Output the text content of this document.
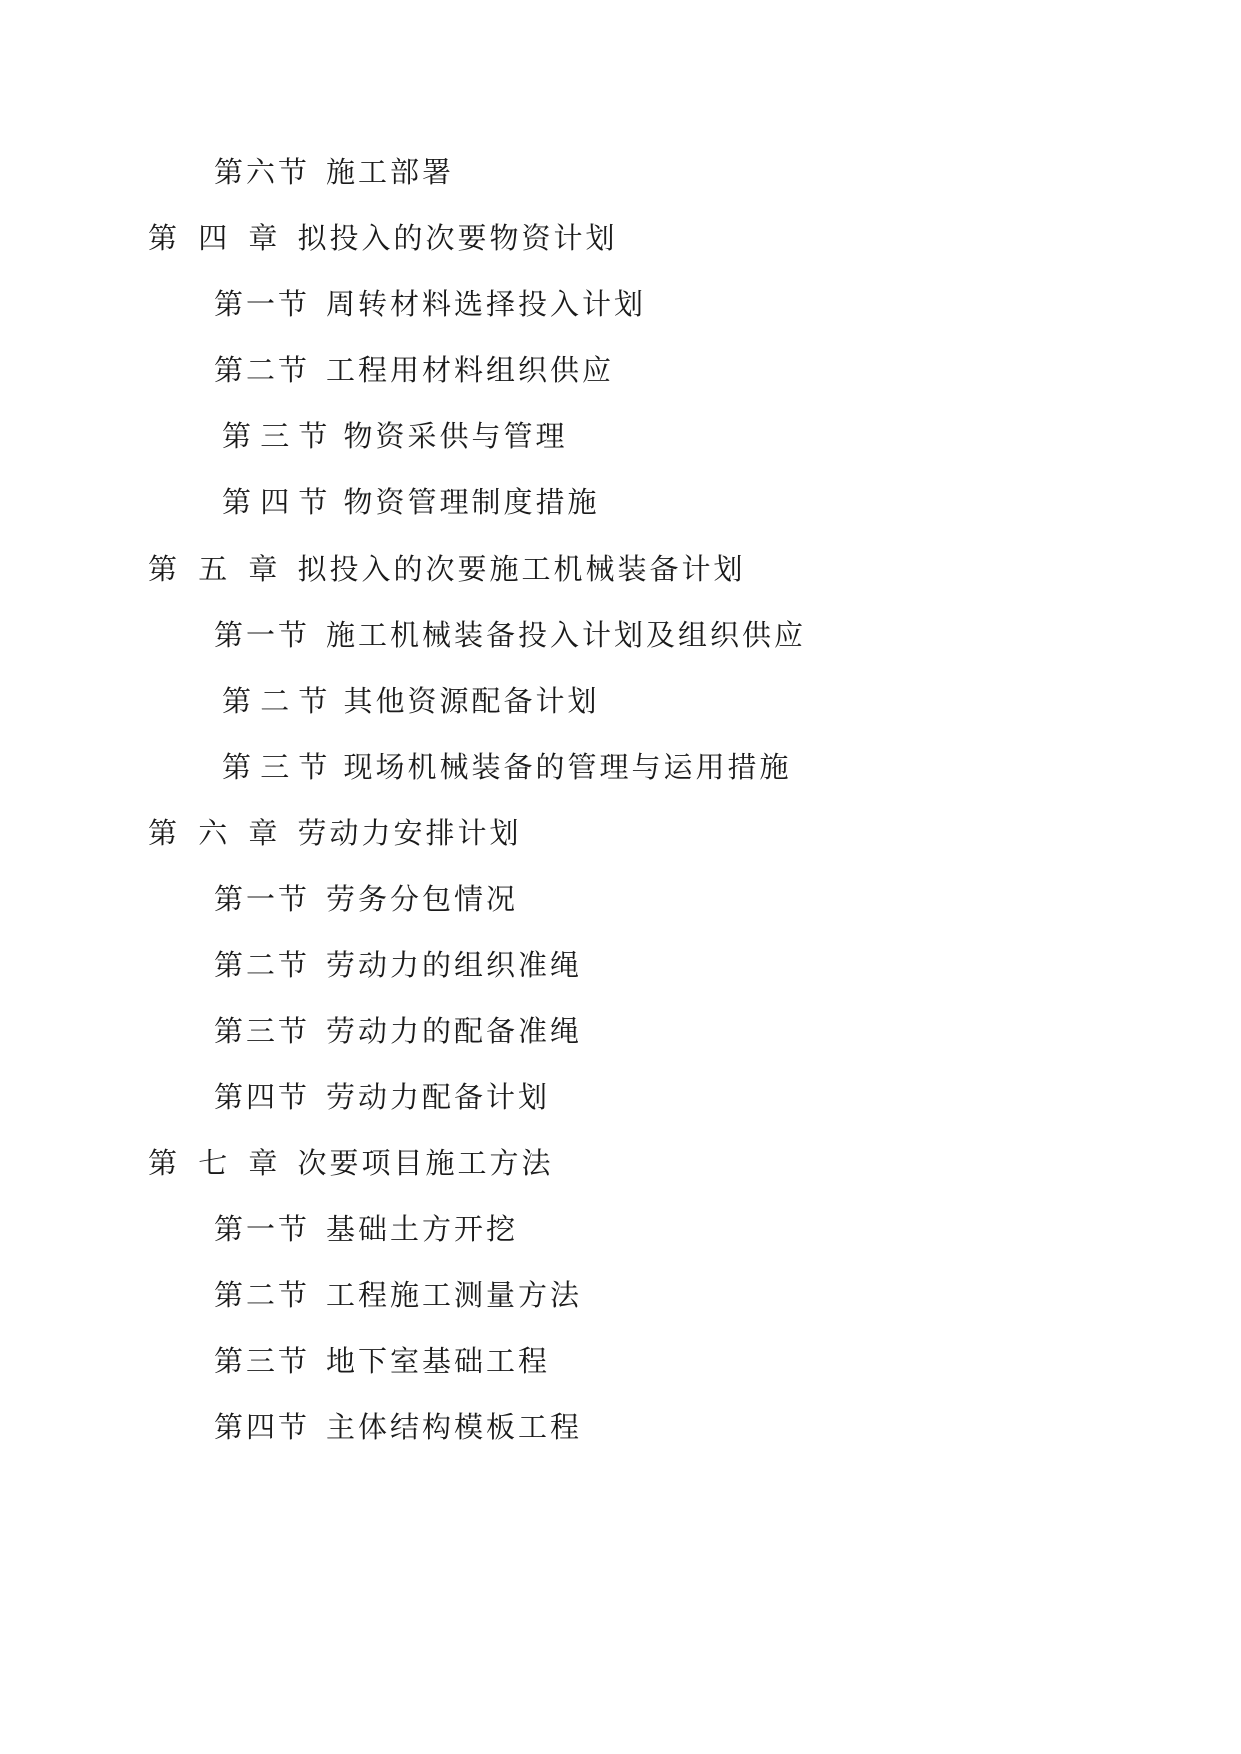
第六节 施工部署
第 四 章 拟投入的次要物资计划
第一节 周转材料选择投入计划
第二节 工程用材料组织供应
第 三 节 物资采供与管理
第 四 节 物资管理制度措施
第 五 章 拟投入的次要施工机械装备计划
第一节 施工机械装备投入计划及组织供应
第 二 节 其他资源配备计划
第 三 节 现场机械装备的管理与运用措施
第 六 章 劳动力安排计划
第一节 劳务分包情况
第二节 劳动力的组织准绳
第三节 劳动力的配备准绳
第四节 劳动力配备计划
第 七 章 次要项目施工方法
第一节 基础土方开挖
第二节 工程施工测量方法
第三节 地下室基础工程
第四节 主体结构模板工程
